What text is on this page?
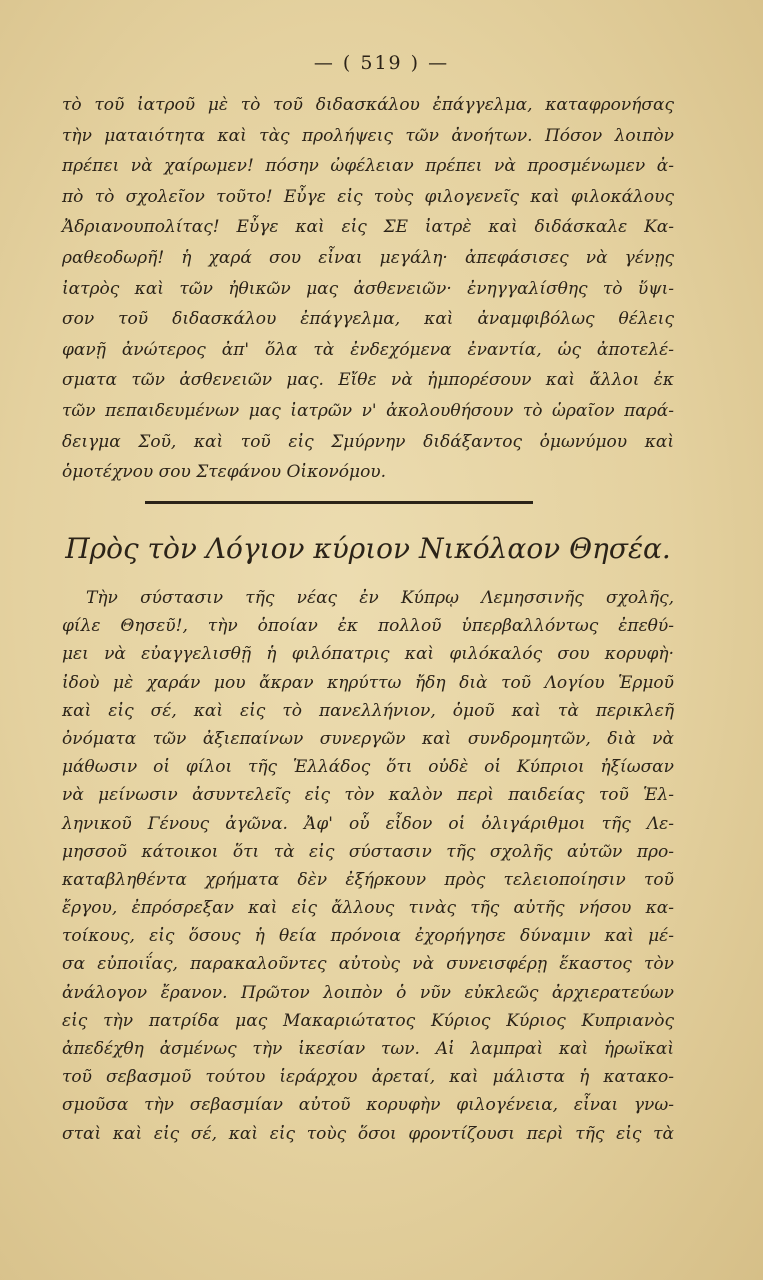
— ( 519 ) —
τὸ τοῦ ἰατροῦ μὲ τὸ τοῦ διδασκάλου ἐπάγγελμα, καταφρονήσας
τὴν ματαιότητα καὶ τὰς προλήψεις τῶν ἀνοήτων. Πόσον λοιπὸν
πρέπει νὰ χαίρωμεν! πόσην ὠφέλειαν πρέπει νὰ προσμένωμεν ἀ-
πὸ τὸ σχολεῖον τοῦτο! Εὖγε εἰς τοὺς φιλογενεῖς καὶ φιλοκάλους
Ἀδριανουπολίτας! Εὖγε καὶ εἰς ΣΕ ἰατρὲ καὶ διδάσκαλε Κα-
ραθεοδωρῆ! ἡ χαρά σου εἶναι μεγάλη· ἀπεφάσισες νὰ γένῃς
ἰατρὸς καὶ τῶν ἠθικῶν μας ἀσθενειῶν· ἐνηγγαλίσθης τὸ ὕψι-
σον τοῦ διδασκάλου ἐπάγγελμα, καὶ ἀναμφιβόλως θέλεις
φανῇ ἀνώτερος ἀπ' ὅλα τὰ ἐνδεχόμενα ἐναντία, ὡς ἀποτελέ-
σματα τῶν ἀσθενειῶν μας. Εἴθε νὰ ἠμπορέσουν καὶ ἄλλοι ἐκ
τῶν πεπαιδευμένων μας ἰατρῶν ν' ἀκολουθήσουν τὸ ὡραῖον παρά-
δειγμα Σοῦ, καὶ τοῦ εἰς Σμύρνην διδάξαντος ὁμωνύμου καὶ
ὁμοτέχνου σου Στεφάνου Οἰκονόμου.
Πρὸς τὸν Λόγιον κύριον Νικόλαον Θησέα.
Τὴν σύστασιν τῆς νέας ἐν Κύπρῳ Λεμησσινῆς σχολῆς,
φίλε Θησεῦ!, τὴν ὁποίαν ἐκ πολλοῦ ὑπερβαλλόντως ἐπεθύ-
μει νὰ εὐαγγελισθῇ ἡ φιλόπατρις καὶ φιλόκαλός σου κορυφὴ·
ἰδοὺ μὲ χαράν μου ἄκραν κηρύττω ἤδη διὰ τοῦ Λογίου Ἑρμοῦ
καὶ εἰς σέ, καὶ εἰς τὸ πανελλήνιον, ὁμοῦ καὶ τὰ περικλεῆ
ὀνόματα τῶν ἀξιεπαίνων συνεργῶν καὶ συνδρομητῶν, διὰ νὰ
μάθωσιν οἱ φίλοι τῆς Ἑλλάδος ὅτι οὐδὲ οἱ Κύπριοι ἠξίωσαν
νὰ μείνωσιν ἀσυντελεῖς εἰς τὸν καλὸν περὶ παιδείας τοῦ Ἑλ-
ληνικοῦ Γένους ἀγῶνα. Ἀφ' οὗ εἶδον οἱ ὀλιγάριθμοι τῆς Λε-
μησσοῦ κάτοικοι ὅτι τὰ εἰς σύστασιν τῆς σχολῆς αὐτῶν προ-
καταβληθέντα χρήματα δὲν ἐξήρκουν πρὸς τελειοποίησιν τοῦ
ἔργου, ἐπρόσρεξαν καὶ εἰς ἄλλους τινὰς τῆς αὐτῆς νήσου κα-
τοίκους, εἰς ὅσους ἡ θεία πρόνοια ἐχορήγησε δύναμιν καὶ μέ-
σα εὐποιΐας, παρακαλοῦντες αὐτοὺς νὰ συνεισφέρῃ ἕκαστος τὸν
ἀνάλογον ἔρανον. Πρῶτον λοιπὸν ὁ νῦν εὐκλεῶς ἀρχιερατεύων
εἰς τὴν πατρίδα μας Μακαριώτατος Κύριος Κύριος Κυπριανὸς
ἀπεδέχθη ἀσμένως τὴν ἱκεσίαν των. Αἱ λαμπραὶ καὶ ἡρωϊκαὶ
τοῦ σεβασμοῦ τούτου ἱεράρχου ἀρεταί, καὶ μάλιστα ἡ κατακο-
σμοῦσα τὴν σεβασμίαν αὐτοῦ κορυφὴν φιλογένεια, εἶναι γνω-
σταὶ καὶ εἰς σέ, καὶ εἰς τοὺς ὅσοι φροντίζουσι περὶ τῆς εἰς τὰ
